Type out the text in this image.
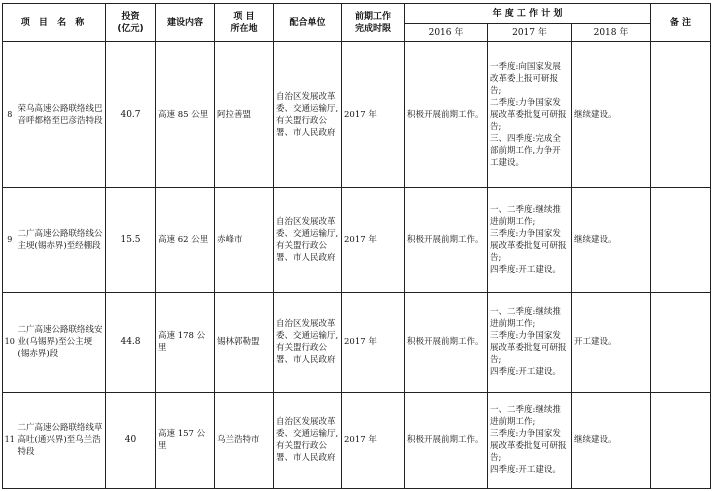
项 目 名 称		投资
(亿元)	建设内容	项 目
所在地	配合单位	前期工作
完成时限	年 度 工 作 计 划			备 注
							2016 年	2017 年	2018 年	
8	荣乌高速公路联络线巴音呼都格至巴彦浩特段	40.7	高速 85 公里	阿拉善盟	自治区发展改革委、交通运输厅,有关盟行政公署、市人民政府	2017 年	积极开展前期工作。	一季度:向国家发展改革委上报可研报告;
二季度:力争国家发展改革委批复可研报告;
三、四季度:完成全部前期工作,力争开工建设。	继续建设。	
9	二广高速公路联络线公主埂(锡赤界)至经棚段	15.5	高速 62 公里	赤峰市	自治区发展改革委、交通运输厅,有关盟行政公署、市人民政府	2017 年	积极开展前期工作。	一、二季度:继续推进前期工作;
三季度:力争国家发展改革委批复可研报告;
四季度:开工建设。	继续建设。	
10	二广高速公路联络线安业(乌锡界)至公主埂(锡赤界)段	44.8	高速 178 公里	锡林郭勒盟	自治区发展改革委、交通运输厅,有关盟行政公署、市人民政府	2017 年	积极开展前期工作。	一、二季度:继续推进前期工作;
三季度:力争国家发展改革委批复可研报告;
四季度:开工建设。	开工建设。	
11	二广高速公路联络线草高吐(通兴界)至乌兰浩特段	40	高速 157 公里	乌兰浩特市	自治区发展改革委、交通运输厅,有关盟行政公署、市人民政府	2017 年	积极开展前期工作。	一、二季度:继续推进前期工作;
三季度:力争国家发展改革委批复可研报告;
四季度:开工建设。	继续建设。	
